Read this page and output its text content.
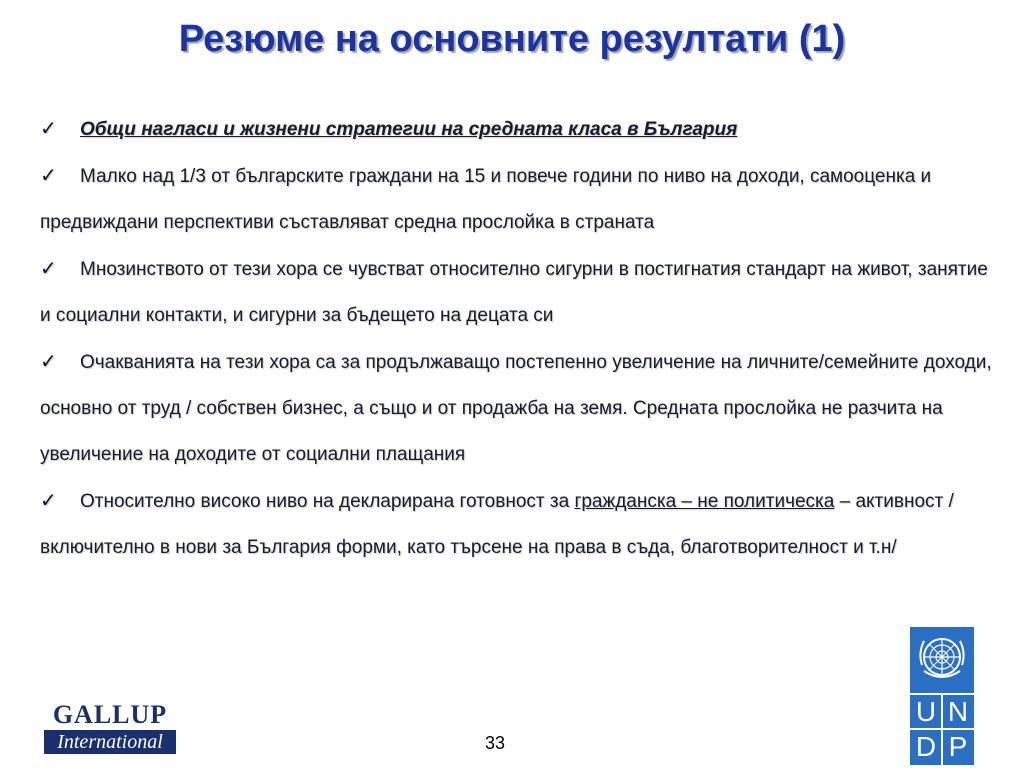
Резюме на основните резултати (1)
✓ Общи нагласи и жизнени стратегии на средната класа в България
✓ Малко над 1/3 от българските граждани на 15 и повече години по ниво на доходи, самооценка и предвиждани перспективи съставляват средна прослойка в страната
✓ Мнозинството от тези хора се чувстват относително сигурни в постигнатия стандарт на живот, занятие и социални контакти, и сигурни за бъдещето на децата си
✓ Очакванията на тези хора са за продължаващо постепенно увеличение на личните/семейните доходи, основно от труд / собствен бизнес, а също и от продажба на земя. Средната прослойка не разчита на увеличение на доходите от социални плащания
✓ Относително високо ниво на декларирана готовност за гражданска – не политическа – активност / включително в нови за България форми, като търсене на права в съда, благотворителност и т.н/
GALLUP
International	33
U N
D P
